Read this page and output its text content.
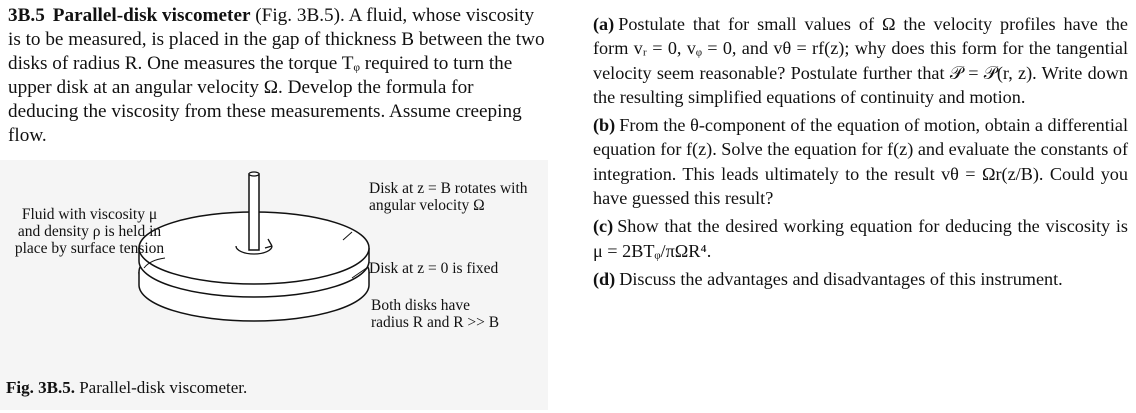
3B.5 Parallel-disk viscometer (Fig. 3B.5). A fluid, whose viscosity is to be measured, is placed in the gap of thickness B between the two disks of radius R. One measures the torque Tᵩ required to turn the upper disk at an angular velocity Ω. Develop the formula for deducing the viscosity from these measurements. Assume creeping flow.

Fluid with viscosity μ and density ρ is held in place by surface tension
Disk at z = B rotates with angular velocity Ω
Disk at z = 0 is fixed
Both disks have radius R and R >> B
Fig. 3B.5. Parallel-disk viscometer.

(a) Postulate that for small values of Ω the velocity profiles have the form vᵣ = 0, vᵩ = 0, and vθ = rf(z); why does this form for the tangential velocity seem reasonable? Postulate further that 𝒫 = 𝒫(r, z). Write down the resulting simplified equations of continuity and motion.

(b) From the θ-component of the equation of motion, obtain a differential equation for f(z). Solve the equation for f(z) and evaluate the constants of integration. This leads ultimately to the result vθ = Ωr(z/B). Could you have guessed this result?

(c) Show that the desired working equation for deducing the viscosity is μ = 2BTᵩ/πΩR⁴.

(d) Discuss the advantages and disadvantages of this instrument.
